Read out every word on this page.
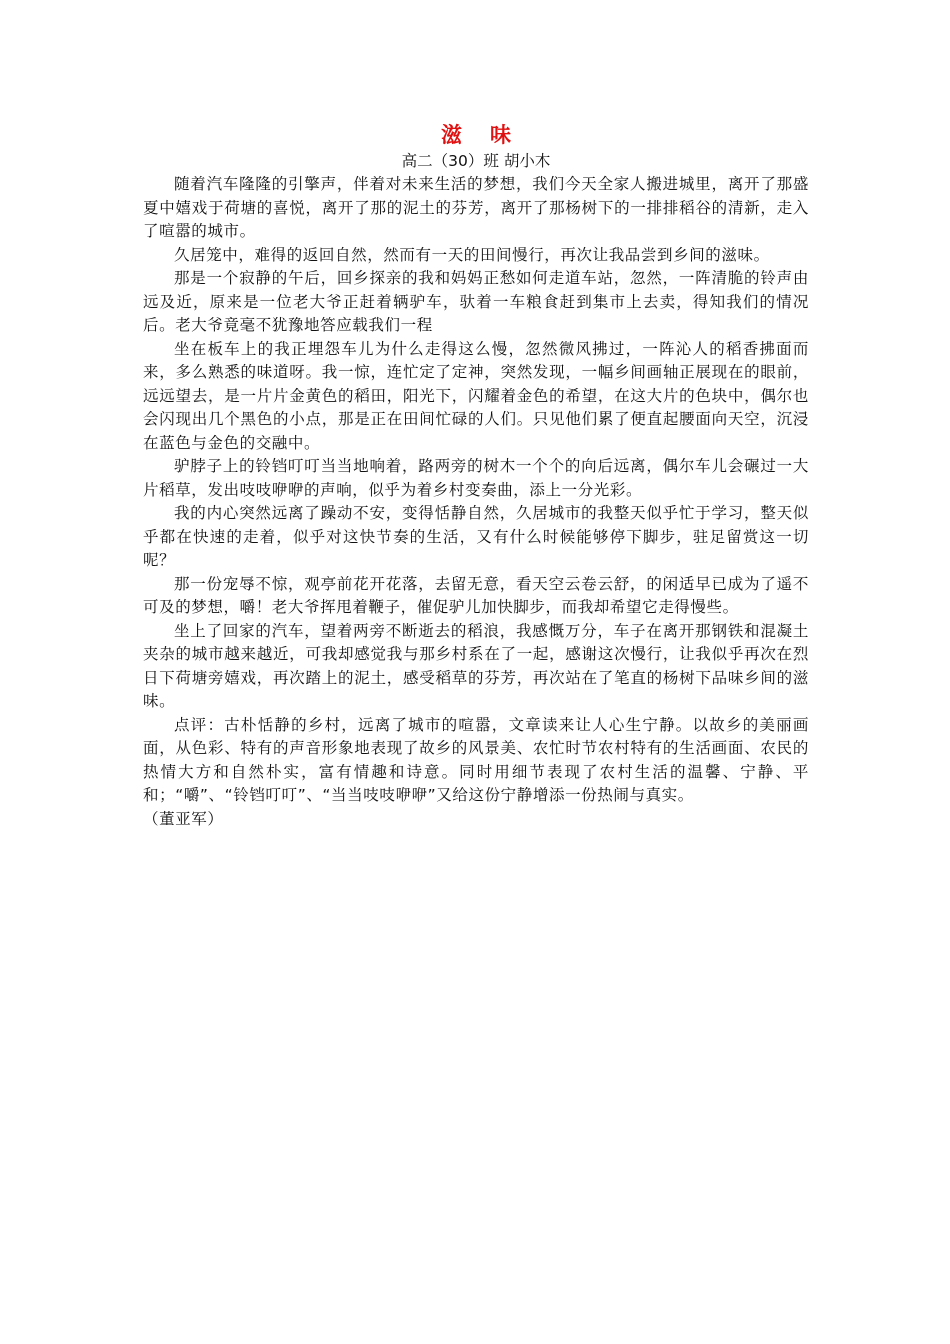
滋 味

高二（30）班 胡小木

随着汽车隆隆的引擎声，伴着对未来生活的梦想，我们今天全家人搬进城里，离开了那盛夏中嬉戏于荷塘的喜悦，离开了那的泥土的芬芳，离开了那杨树下的一排排稻谷的清新，走入了喧嚣的城市。

久居笼中，难得的返回自然，然而有一天的田间慢行，再次让我品尝到乡间的滋味。

那是一个寂静的午后，回乡探亲的我和妈妈正愁如何走道车站，忽然，一阵清脆的铃声由远及近，原来是一位老大爷正赶着辆驴车，驮着一车粮食赶到集市上去卖，得知我们的情况后。老大爷竟毫不犹豫地答应载我们一程

坐在板车上的我正埋怨车儿为什么走得这么慢，忽然微风拂过，一阵沁人的稻香拂面而来，多么熟悉的味道呀。我一惊，连忙定了定神，突然发现，一幅乡间画轴正展现在的眼前，远远望去，是一片片金黄色的稻田，阳光下，闪耀着金色的希望，在这大片的色块中，偶尔也会闪现出几个黑色的小点，那是正在田间忙碌的人们。只见他们累了便直起腰面向天空，沉浸在蓝色与金色的交融中。

驴脖子上的铃铛叮叮当当地响着，路两旁的树木一个个的向后远离，偶尔车儿会碾过一大片稻草，发出吱吱咿咿的声响，似乎为着乡村变奏曲，添上一分光彩。

我的内心突然远离了躁动不安，变得恬静自然，久居城市的我整天似乎忙于学习，整天似乎都在快速的走着，似乎对这快节奏的生活，又有什么时候能够停下脚步，驻足留赏这一切呢？

那一份宠辱不惊，观亭前花开花落，去留无意，看天空云卷云舒，的闲适早已成为了遥不可及的梦想，嚼！老大爷挥甩着鞭子，催促驴儿加快脚步，而我却希望它走得慢些。

坐上了回家的汽车，望着两旁不断逝去的稻浪，我感慨万分，车子在离开那钢铁和混凝土夹杂的城市越来越近，可我却感觉我与那乡村系在了一起，感谢这次慢行，让我似乎再次在烈日下荷塘旁嬉戏，再次踏上的泥土，感受稻草的芬芳，再次站在了笔直的杨树下品味乡间的滋味。

点评：古朴恬静的乡村，远离了城市的喧嚣，文章读来让人心生宁静。以故乡的美丽画面，从色彩、特有的声音形象地表现了故乡的风景美、农忙时节农村特有的生活画面、农民的热情大方和自然朴实，富有情趣和诗意。同时用细节表现了农村生活的温馨、宁静、平和；“嚼”、“铃铛叮叮”、“当当吱吱咿咿”又给这份宁静增添一份热闹与真实。

（董亚军）
